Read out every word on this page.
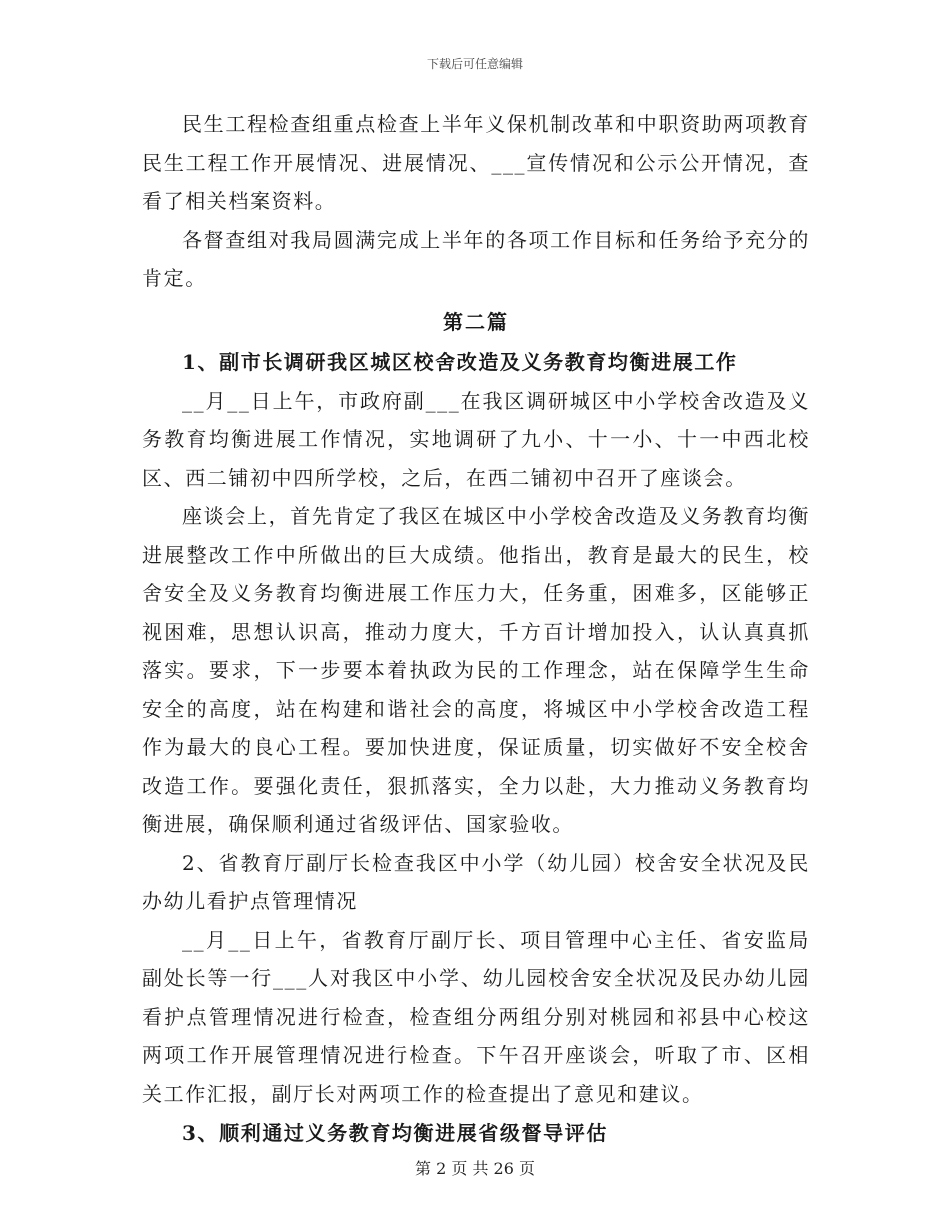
下载后可任意编辑

民生工程检查组重点检查上半年义保机制改革和中职资助两项教育民生工程工作开展情况、进展情况、___宣传情况和公示公开情况，查看了相关档案资料。

各督查组对我局圆满完成上半年的各项工作目标和任务给予充分的肯定。

第二篇
1、副市长调研我区城区校舍改造及义务教育均衡进展工作

__月__日上午，市政府副___在我区调研城区中小学校舍改造及义务教育均衡进展工作情况，实地调研了九小、十一小、十一中西北校区、西二铺初中四所学校，之后，在西二铺初中召开了座谈会。

座谈会上，首先肯定了我区在城区中小学校舍改造及义务教育均衡进展整改工作中所做出的巨大成绩。他指出，教育是最大的民生，校舍安全及义务教育均衡进展工作压力大，任务重，困难多，区能够正视困难，思想认识高，推动力度大，千方百计增加投入，认认真真抓落实。要求，下一步要本着执政为民的工作理念，站在保障学生生命安全的高度，站在构建和谐社会的高度，将城区中小学校舍改造工程作为最大的良心工程。要加快进度，保证质量，切实做好不安全校舍改造工作。要强化责任，狠抓落实，全力以赴，大力推动义务教育均衡进展，确保顺利通过省级评估、国家验收。

2、省教育厅副厅长检查我区中小学（幼儿园）校舍安全状况及民办幼儿看护点管理情况

__月__日上午，省教育厅副厅长、项目管理中心主任、省安监局副处长等一行___人对我区中小学、幼儿园校舍安全状况及民办幼儿园看护点管理情况进行检查，检查组分两组分别对桃园和祁县中心校这两项工作开展管理情况进行检查。下午召开座谈会，听取了市、区相关工作汇报，副厅长对两项工作的检查提出了意见和建议。

3、顺利通过义务教育均衡进展省级督导评估
第 2 页 共 26 页
